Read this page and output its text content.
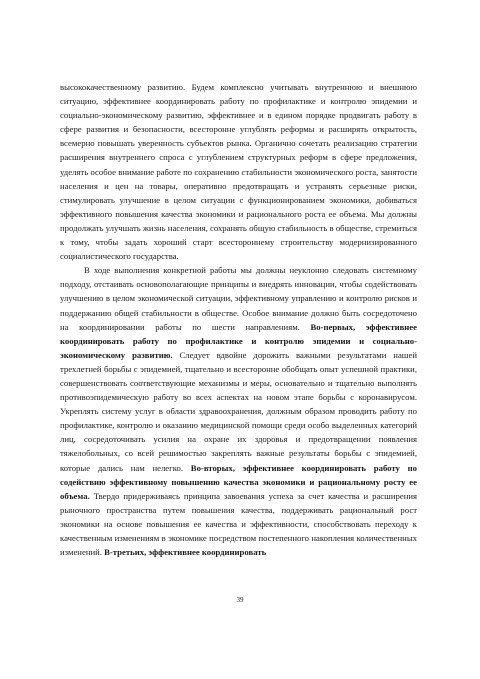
высококачественному развитию. Будем комплексно учитывать внутреннюю и внешнюю ситуацию, эффективнее координировать работу по профилактике и контролю эпидемии и социально-экономическому развитию, эффективнее и в едином порядке продвигать работу в сфере развития и безопасности, всесторонне углублять реформы и расширять открытость, всемерно повышать уверенность субъектов рынка. Органично сочетать реализацию стратегии расширения внутреннего спроса с углублением структурных реформ в сфере предложения, уделять особое внимание работе по сохранению стабильности экономического роста, занятости населения и цен на товары, оперативно предотвращать и устранять серьезные риски, стимулировать улучшение в целом ситуации с функционированием экономики, добиваться эффективного повышения качества экономики и рационального роста ее объема. Мы должны продолжать улучшать жизнь населения, сохранять общую стабильность в обществе, стремиться к тому, чтобы задать хороший старт всестороннему строительству модернизированного социалистического государства.

В ходе выполнения конкретной работы мы должны неуклонно следовать системному подходу, отстаивать основополагающие принципы и внедрять инновации, чтобы содействовать улучшению в целом экономической ситуации, эффективному управлению и контролю рисков и поддержанию общей стабильности в обществе. Особое внимание должно быть сосредоточено на координировании работы по шести направлениям. Во-первых, эффективнее координировать работу по профилактике и контролю эпидемии и социально-экономическому развитию. Следует вдвойне дорожить важными результатами нашей трехлетней борьбы с эпидемией, тщательно и всесторонне обобщать опыт успешной практики, совершенствовать соответствующие механизмы и меры, основательно и тщательно выполнять противоэпидемическую работу во всех аспектах на новом этапе борьбы с коронавирусом. Укреплять систему услуг в области здравоохранения, должным образом проводить работу по профилактике, контролю и оказанию медицинской помощи среди особо выделенных категорий лиц, сосредоточивать усилия на охране их здоровья и предотвращении появления тяжелобольных, со всей решимостью закреплять важные результаты борьбы с эпидемией, которые дались нам нелегко. Во-вторых, эффективнее координировать работу по содействию эффективному повышению качества экономики и рациональному росту ее объема. Твердо придерживаясь принципа завоевания успеха за счет качества и расширения рыночного пространства путем повышения качества, поддерживать рациональный рост экономики на основе повышения ее качества и эффективности, способствовать переходу к качественным изменениям в экономике посредством постепенного накопления количественных изменений. В-третьих, эффективнее координировать

39
